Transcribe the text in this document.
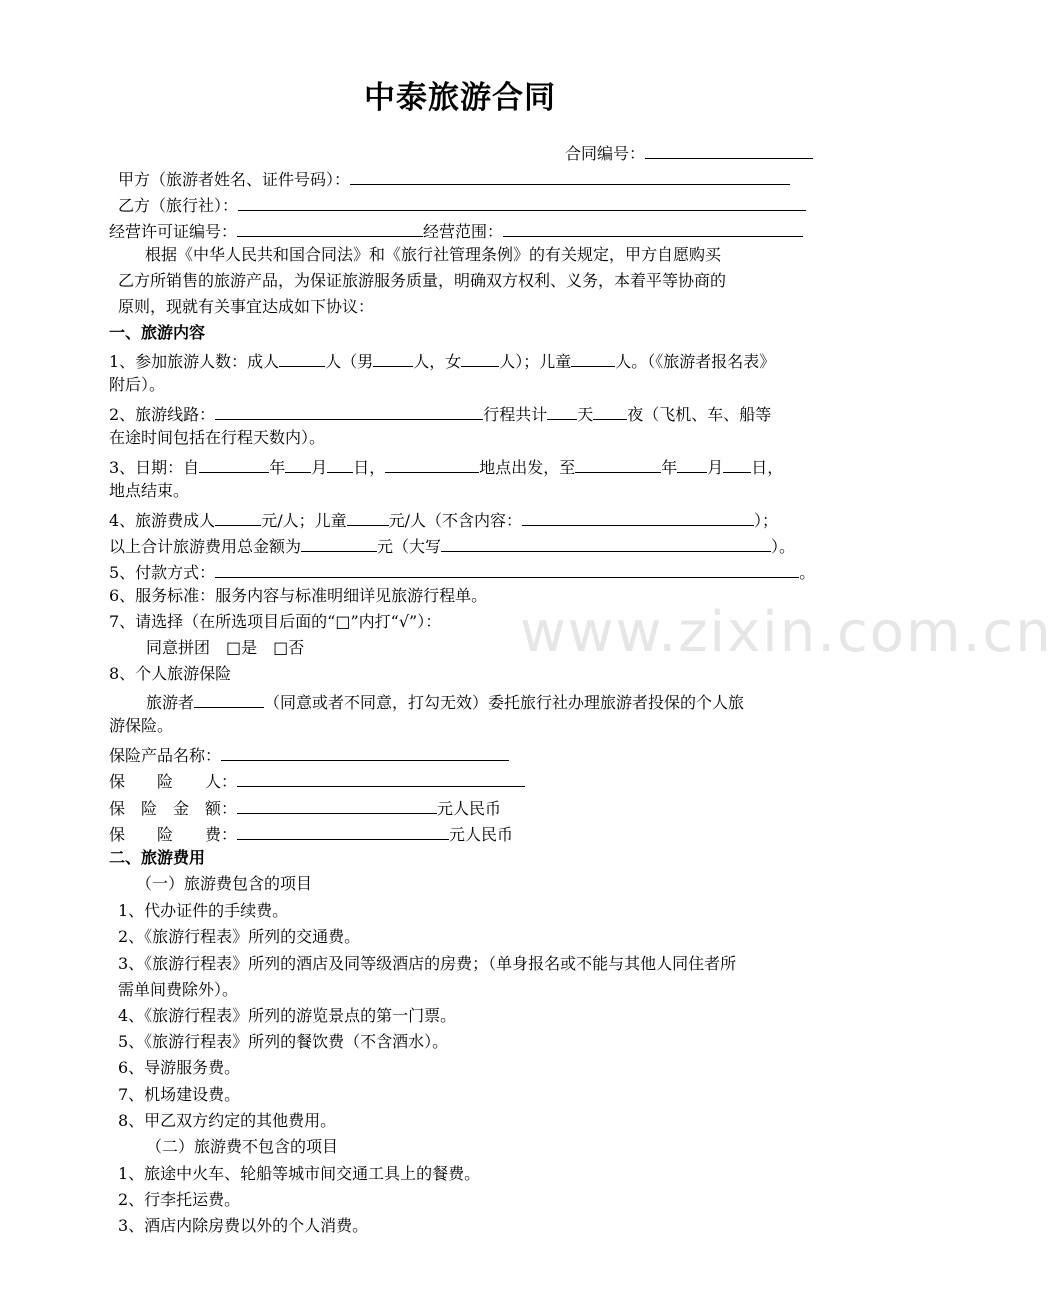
中泰旅游合同
合同编号：
甲方（旅游者姓名、证件号码）：
乙方（旅行社）：
经营许可证编号：	经营范围：
根据《中华人民共和国合同法》和《旅行社管理条例》的有关规定，甲方自愿购买
乙方所销售的旅游产品，为保证旅游服务质量，明确双方权利、义务，本着平等协商的
原则，现就有关事宜达成如下协议：
一、旅游内容
1、参加旅游人数：成人	人（男	人，女 人）；儿童	人。（《旅游者报名表》
附后）。
2、旅游线路：	行程共计 天 夜（飞机、车、船等
在途时间包括在行程天数内）。
3、日期：自	年 月 日，	地点出发，至	年 月 日，
地点结束。
4、旅游费成人	元/人；儿童	元/人（不含内容：	）；
以上合计旅游费用总金额为	元（大写	）。
5、付款方式：	。
6、服务标准：服务内容与标准明细详见旅游行程单。
7、请选择（在所选项目后面的“□”内打“√”）：
同意拼团　□是　□否
8、个人旅游保险
旅游者	（同意或者不同意，打勾无效）委托旅行社办理旅游者投保的个人旅
游保险。
保险产品名称：
保　　险　　人：
保　险　金　额：	元人民币
保　　险　　费：	元人民币
二、旅游费用
（一）旅游费包含的项目
1、代办证件的手续费。
2、《旅游行程表》所列的交通费。
3、《旅游行程表》所列的酒店及同等级酒店的房费；（单身报名或不能与其他人同住者所
需单间费除外）。
4、《旅游行程表》所列的游览景点的第一门票。
5、《旅游行程表》所列的餐饮费（不含酒水）。
6、导游服务费。
7、机场建设费。
8、甲乙双方约定的其他费用。
（二）旅游费不包含的项目
1、旅途中火车、轮船等城市间交通工具上的餐费。
2、行李托运费。
3、酒店内除房费以外的个人消费。
www.zixin.com.cn
